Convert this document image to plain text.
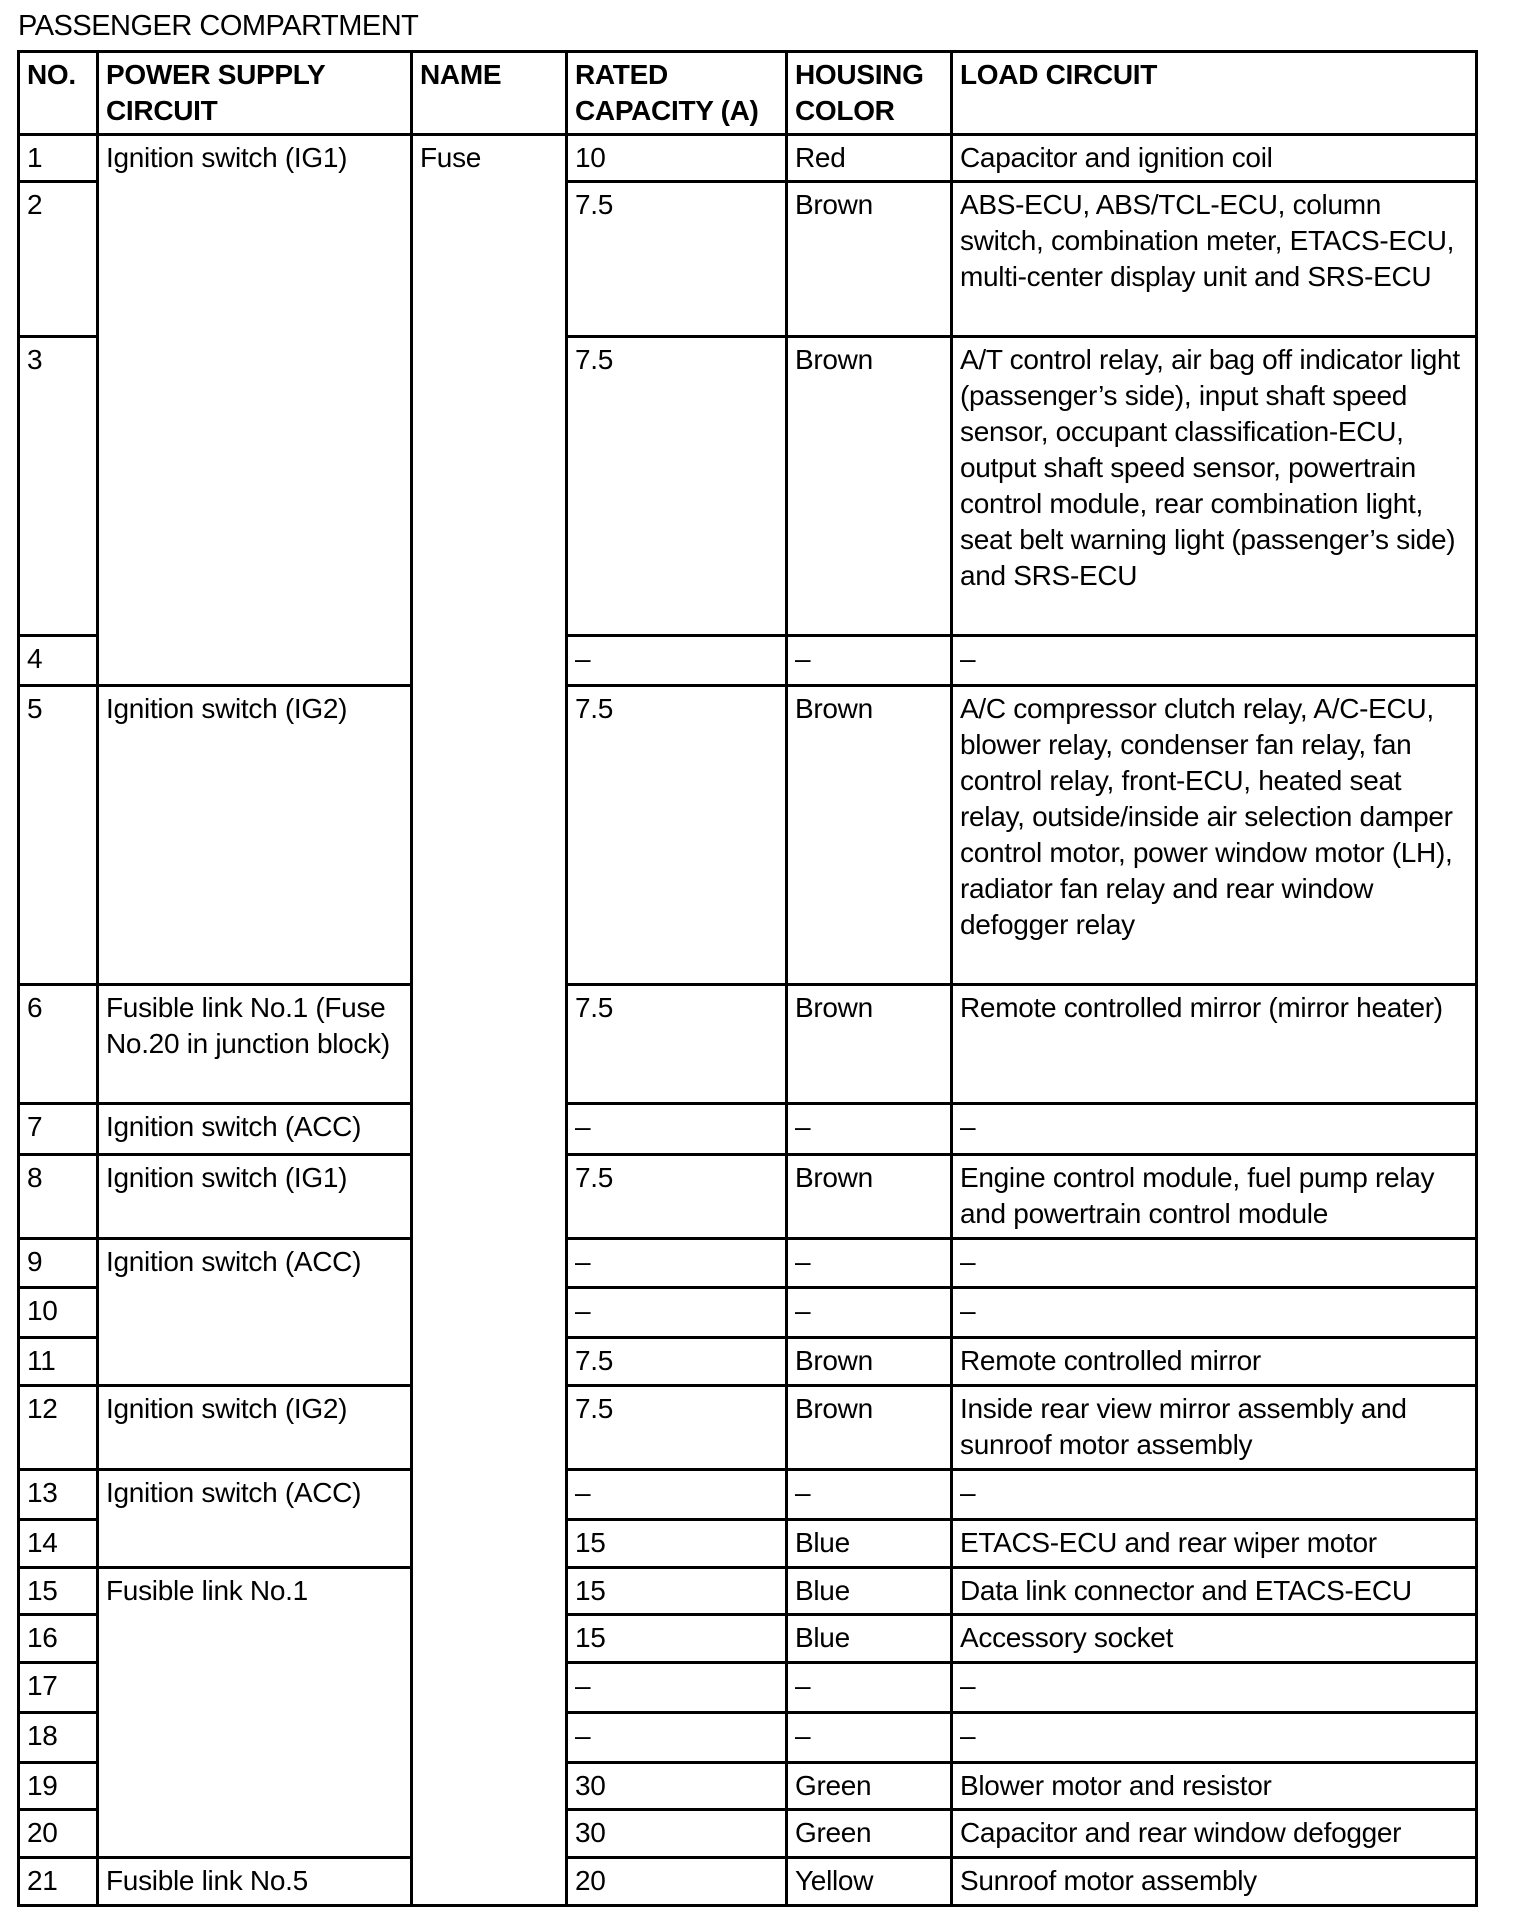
PASSENGER COMPARTMENT
NO.	POWER SUPPLY CIRCUIT	NAME	RATED CAPACITY (A)	HOUSING COLOR	LOAD CIRCUIT
1	Ignition switch (IG1)	Fuse	10	Red	Capacitor and ignition coil
2			7.5	Brown	ABS-ECU, ABS/TCL-ECU, column switch, combination meter, ETACS-ECU, multi-center display unit and SRS-ECU
3			7.5	Brown	A/T control relay, air bag off indicator light (passenger’s side), input shaft speed sensor, occupant classification-ECU, output shaft speed sensor, powertrain control module, rear combination light, seat belt warning light (passenger’s side) and SRS-ECU
4			–	–	–
5	Ignition switch (IG2)		7.5	Brown	A/C compressor clutch relay, A/C-ECU, blower relay, condenser fan relay, fan control relay, front-ECU, heated seat relay, outside/inside air selection damper control motor, power window motor (LH), radiator fan relay and rear window defogger relay
6	Fusible link No.1 (Fuse No.20 in junction block)		7.5	Brown	Remote controlled mirror (mirror heater)
7	Ignition switch (ACC)		–	–	–
8	Ignition switch (IG1)		7.5	Brown	Engine control module, fuel pump relay and powertrain control module
9	Ignition switch (ACC)		–	–	–
10			–	–	–
11			7.5	Brown	Remote controlled mirror
12	Ignition switch (IG2)		7.5	Brown	Inside rear view mirror assembly and sunroof motor assembly
13	Ignition switch (ACC)		–	–	–
14			15	Blue	ETACS-ECU and rear wiper motor
15	Fusible link No.1		15	Blue	Data link connector and ETACS-ECU
16			15	Blue	Accessory socket
17			–	–	–
18			–	–	–
19			30	Green	Blower motor and resistor
20			30	Green	Capacitor and rear window defogger
21	Fusible link No.5		20	Yellow	Sunroof motor assembly
